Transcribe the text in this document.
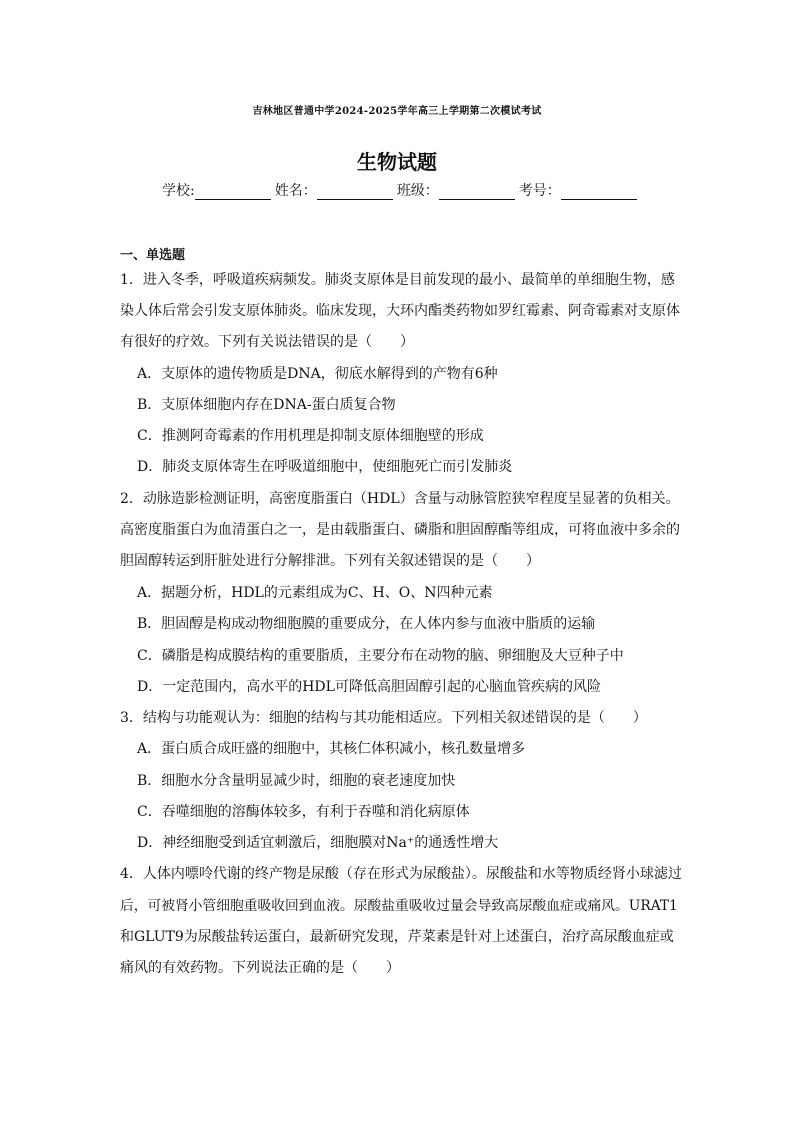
吉林地区普通中学2024-2025学年高三上学期第二次模试考试
生物试题
学校:	姓名：	班级：	考号：
一、单选题
1．进入冬季，呼吸道疾病频发。肺炎支原体是目前发现的最小、最简单的单细胞生物，感
染人体后常会引发支原体肺炎。临床发现，大环内酯类药物如罗红霉素、阿奇霉素对支原体
有很好的疗效。下列有关说法错误的是（　　）
A．支原体的遗传物质是DNA，彻底水解得到的产物有6种
B．支原体细胞内存在DNA-蛋白质复合物
C．推测阿奇霉素的作用机理是抑制支原体细胞壁的形成
D．肺炎支原体寄生在呼吸道细胞中，使细胞死亡而引发肺炎
2．动脉造影检测证明，高密度脂蛋白（HDL）含量与动脉管腔狭窄程度呈显著的负相关。
高密度脂蛋白为血清蛋白之一，是由载脂蛋白、磷脂和胆固醇酯等组成，可将血液中多余的
胆固醇转运到肝脏处进行分解排泄。下列有关叙述错误的是（　　）
A．据题分析，HDL的元素组成为C、H、O、N四种元素
B．胆固醇是构成动物细胞膜的重要成分，在人体内参与血液中脂质的运输
C．磷脂是构成膜结构的重要脂质，主要分布在动物的脑、卵细胞及大豆种子中
D．一定范围内，高水平的HDL可降低高胆固醇引起的心脑血管疾病的风险
3．结构与功能观认为：细胞的结构与其功能相适应。下列相关叙述错误的是（　　）
A．蛋白质合成旺盛的细胞中，其核仁体积减小，核孔数量增多
B．细胞水分含量明显减少时，细胞的衰老速度加快
C．吞噬细胞的溶酶体较多，有利于吞噬和消化病原体
D．神经细胞受到适宜刺激后，细胞膜对Na⁺的通透性增大
4．人体内嘌呤代谢的终产物是尿酸（存在形式为尿酸盐）。尿酸盐和水等物质经肾小球滤过
后，可被肾小管细胞重吸收回到血液。尿酸盐重吸收过量会导致高尿酸血症或痛风。URAT1
和GLUT9为尿酸盐转运蛋白，最新研究发现，芹菜素是针对上述蛋白，治疗高尿酸血症或
痛风的有效药物。下列说法正确的是（　　）
